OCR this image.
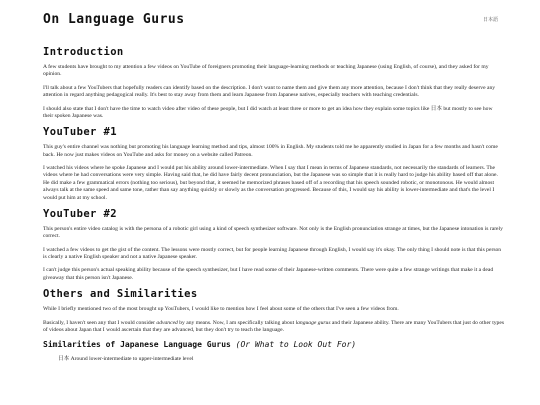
On Language Gurus	日本語
Introduction

A few students have brought to my attention a few videos on YouTube of foreigners promoting their language-learning methods or teaching Japanese (using English, of course), and they asked for my opinion.

I'll talk about a few YouTubers that hopefully readers can identify based on the description. I don't want to name them and give them any more attention, because I don't think that they really deserve any attention in regard anything pedagogical really. It's best to stay away from them and learn Japanese from Japanese natives, especially teachers with teaching credentials.

I should also state that I don't have the time to watch video after video of these people, but I did watch at least three or more to get an idea how they explain some topics like 日本 but mostly to see how their spoken Japanese was.

YouTuber #1

This guy's entire channel was nothing but promoting his language learning method and tips, almost 100% in English. My students told me he apparently studied in Japan for a few months and hasn't come back. He now just makes videos on YouTube and asks for money on a website called Patreon.

I watched his videos where he spoke Japanese and I would put his ability around lower-intermediate. When I say that I mean in terms of Japanese standards, not necessarily the standards of learners. The videos where he had conversations were very simple. Having said that, he did have fairly decent pronunciation, but the Japanese was so simple that it is really hard to judge his ability based off that alone. He did make a few grammatical errors (nothing too serious), but beyond that, it seemed he memorized phrases based off of a recording that his speech sounded robotic, or monotonous. He would almost always talk at the same speed and same tone, rather than say anything quickly or slowly as the conversation progressed. Because of this, I would say his ability is lower-intermediate and that's the level I would put him at my school.

YouTuber #2

This person's entire video catalog is with the persona of a robotic girl using a kind of speech synthesizer software. Not only is the English pronunciation strange at times, but the Japanese intonation is rarely correct.

I watched a few videos to get the gist of the content. The lessons were mostly correct, but for people learning Japanese through English, I would say it's okay. The only thing I should note is that this person is clearly a native English speaker and not a native Japanese speaker.

I can't judge this person's actual speaking ability because of the speech synthesizer, but I have read some of their Japanese-written comments. There were quite a few strange writings that make it a dead giveaway that this person isn't Japanese.

Others and Similarities

While I briefly mentioned two of the most brought up YouTubers, I would like to mention how I feel about some of the others that I've seen a few videos from.

Basically, I haven't seen any that I would consider advanced by any means. Now, I am specifically talking about language gurus and their Japanese ability. There are many YouTubers that just do other types of videos about Japan that I would ascertain that they are advanced, but they don't try to teach the language.

Similarities of Japanese Language Gurus (Or What to Look Out For)
日本 Around lower-intermediate to upper-intermediate level
